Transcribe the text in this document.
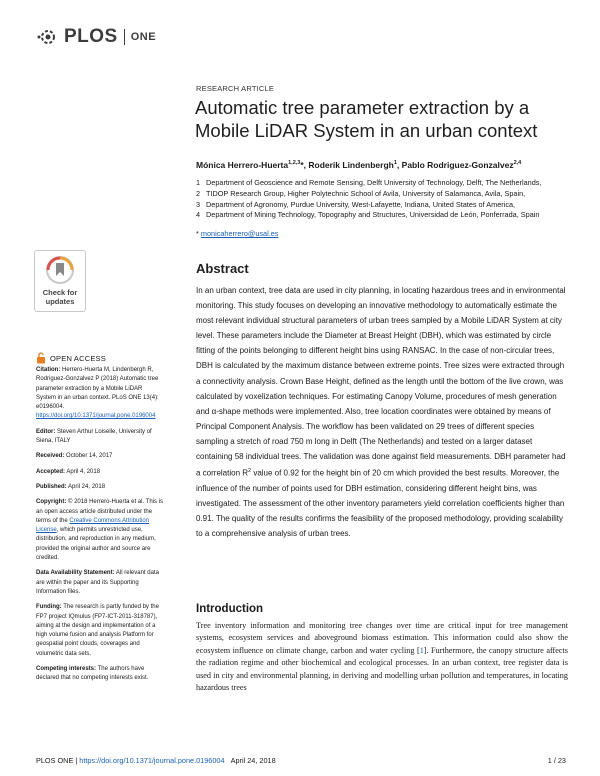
PLOS ONE
RESEARCH ARTICLE
Automatic tree parameter extraction by a Mobile LiDAR System in an urban context
Mónica Herrero-Huerta$^{1,2,3}$*, Roderik Lindenbergh$^1$, Pablo Rodriguez-Gonzalvez$^{2,4}$
1 Department of Geoscience and Remote Sensing, Delft University of Technology, Delft, The Netherlands,
2 TIDOP Research Group, Higher Polytechnic School of Avila, University of Salamanca, Avila, Spain,
3 Department of Agronomy, Purdue University, West-Lafayette, Indiana, United States of America,
4 Department of Mining Technology, Topography and Structures, Universidad de León, Ponferrada, Spain
* monicaherrero@usal.es
Check for
updates
OPEN ACCESS

Citation: Herrero-Huerta M, Lindenbergh R, Rodriguez-Gonzalvez P (2018) Automatic tree parameter extraction by a Mobile LiDAR System in an urban context. PLoS ONE 13(4): e0196004. https://doi.org/10.1371/journal.pone.0196004

Editor: Steven Arthur Loiselle, University of Siena, ITALY

Received: October 14, 2017

Accepted: April 4, 2018

Published: April 24, 2018

Copyright: © 2018 Herrero-Huerta et al. This is an open access article distributed under the terms of the Creative Commons Attribution License, which permits unrestricted use, distribution, and reproduction in any medium, provided the original author and source are credited.

Data Availability Statement: All relevant data are within the paper and its Supporting Information files.

Funding: The research is partly funded by the FP7 project IQmulus (FP7-ICT-2011-318787), aiming at the design and implementation of a high volume fusion and analysis Platform for geospatial point clouds, coverages and volumetric data sets.

Competing interests: The authors have declared that no competing interests exist.

Abstract

In an urban context, tree data are used in city planning, in locating hazardous trees and in environmental monitoring. This study focuses on developing an innovative methodology to automatically estimate the most relevant individual structural parameters of urban trees sampled by a Mobile LiDAR System at city level. These parameters include the Diameter at Breast Height (DBH), which was estimated by circle fitting of the points belonging to different height bins using RANSAC. In the case of non-circular trees, DBH is calculated by the maximum distance between extreme points. Tree sizes were extracted through a connectivity analysis. Crown Base Height, defined as the length until the bottom of the live crown, was calculated by voxelization techniques. For estimating Canopy Volume, procedures of mesh generation and α-shape methods were implemented. Also, tree location coordinates were obtained by means of Principal Component Analysis. The workflow has been validated on 29 trees of different species sampling a stretch of road 750 m long in Delft (The Netherlands) and tested on a larger dataset containing 58 individual trees. The validation was done against field measurements. DBH parameter had a correlation $R^2$ value of 0.92 for the height bin of 20 cm which provided the best results. Moreover, the influence of the number of points used for DBH estimation, considering different height bins, was investigated. The assessment of the other inventory parameters yield correlation coefficients higher than 0.91. The quality of the results confirms the feasibility of the proposed methodology, providing scalability to a comprehensive analysis of urban trees.

Introduction

Tree inventory information and monitoring tree changes over time are critical input for tree management systems, ecosystem services and aboveground biomass estimation. This information could also show the ecosystem influence on climate change, carbon and water cycling [1]. Furthermore, the canopy structure affects the radiation regime and other biochemical and ecological processes. In an urban context, tree register data is used in city and environmental planning, in deriving and modelling urban pollution and temperatures, in locating hazardous trees

PLOS ONE | https://doi.org/10.1371/journal.pone.0196004 April 24, 2018	1 / 23
